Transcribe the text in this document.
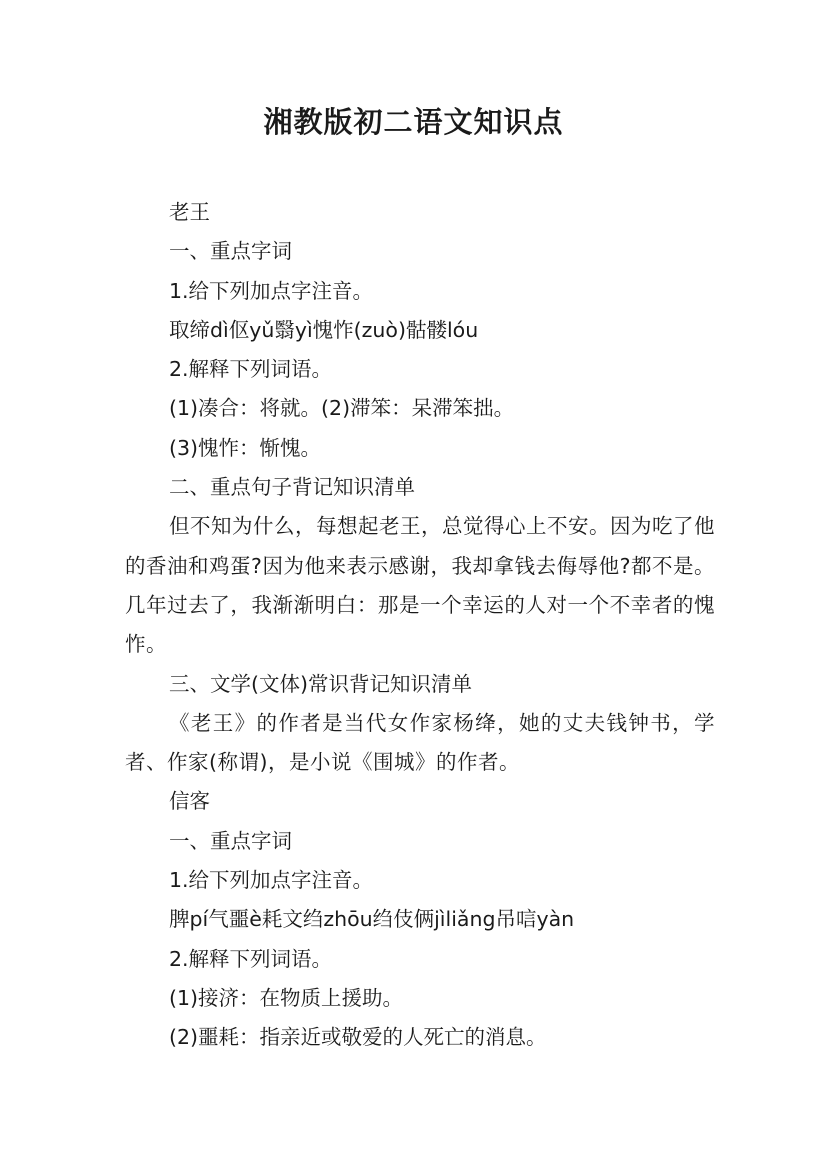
湘教版初二语文知识点

老王

一、重点字词

1.给下列加点字注音。

取缔dì伛yǔ翳yì愧怍(zuò)骷髅lóu

2.解释下列词语。

(1)凑合：将就。(2)滞笨：呆滞笨拙。

(3)愧怍：惭愧。

二、重点句子背记知识清单

但不知为什么，每想起老王，总觉得心上不安。因为吃了他的香油和鸡蛋?因为他来表示感谢，我却拿钱去侮辱他?都不是。几年过去了，我渐渐明白：那是一个幸运的人对一个不幸者的愧怍。

三、文学(文体)常识背记知识清单

《老王》的作者是当代女作家杨绛，她的丈夫钱钟书，学者、作家(称谓)，是小说《围城》的作者。

信客

一、重点字词

1.给下列加点字注音。

脾pí气噩è耗文绉zhōu绉伎俩jìliǎng吊唁yàn

2.解释下列词语。

(1)接济：在物质上援助。

(2)噩耗：指亲近或敬爱的人死亡的消息。
